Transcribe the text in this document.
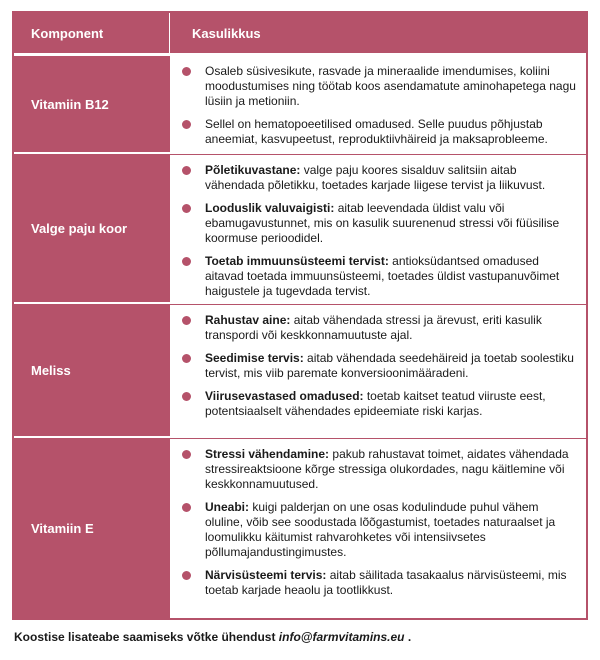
Komponent	Kasulikkus
Vitamiin B12
Osaleb süsivesikute, rasvade ja mineraalide imendumises, koliini moodustumises ning töötab koos asendamatute aminohapetega nagu lüsiin ja metioniin.
Sellel on hematopoeetilised omadused. Selle puudus põhjustab aneemiat, kasvupeetust, reproduktiivhäireid ja maksaprobleeme.
Valge paju koor
Põletikuvastane: valge paju koores sisalduv salitsiin aitab vähendada põletikku, toetades karjade liigese tervist ja liikuvust.
Looduslik valuvaigisti: aitab leevendada üldist valu või ebamugavustunnet, mis on kasulik suurenenud stressi või füüsilise koormuse perioodidel.
Toetab immuunsüsteemi tervist: antioksüdantsed omadused aitavad toetada immuunsüsteemi, toetades üldist vastupanuvõimet haigustele ja tugevdada tervist.
Meliss
Rahustav aine: aitab vähendada stressi ja ärevust, eriti kasulik transpordi või keskkonnamuutuste ajal.
Seedimise tervis: aitab vähendada seedehäireid ja toetab soolestiku tervist, mis viib paremate konversioonimääradeni.
Viirusevastased omadused: toetab kaitset teatud viiruste eest, potentsiaalselt vähendades epideemiate riski karjas.
Vitamiin E
Stressi vähendamine: pakub rahustavat toimet, aidates vähendada stressireaktsioone kõrge stressiga olukordades, nagu käitlemine või keskkonnamuutused.
Uneabi: kuigi palderjan on une osas kodulindude puhul vähem oluline, võib see soodustada lõõgastumist, toetades naturaalset ja loomulikku käitumist rahvarohketes või intensiivsetes põllumajandustingimustes.
Närvisüsteemi tervis: aitab säilitada tasakaalus närvisüsteemi, mis toetab karjade heaolu ja tootlikkust.
Koostise lisateabe saamiseks võtke ühendust info@farmvitamins.eu .
